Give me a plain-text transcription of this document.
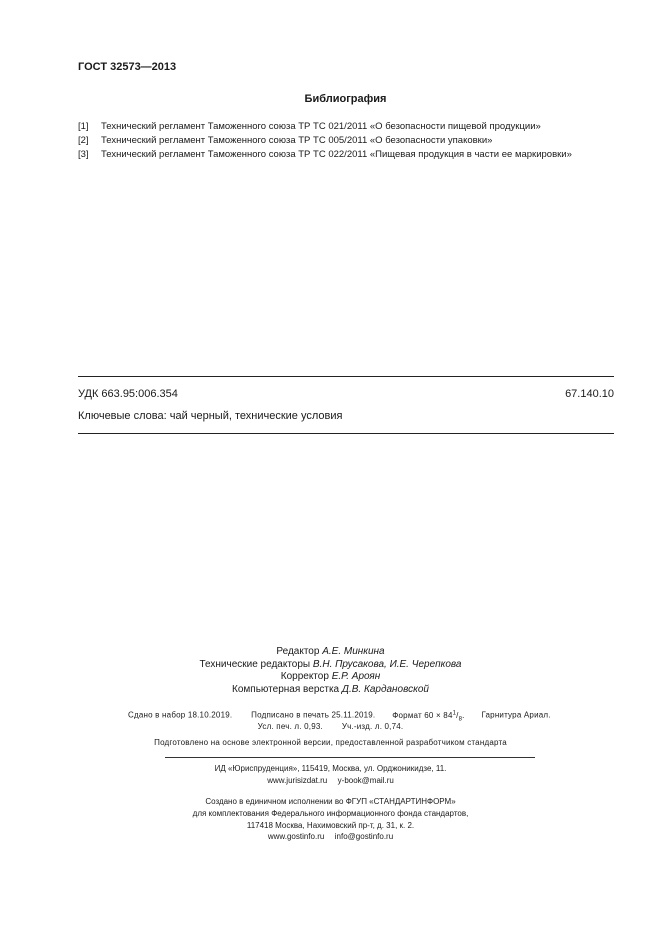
ГОСТ 32573—2013
Библиография
[1] Технический регламент Таможенного союза ТР ТС 021/2011 «О безопасности пищевой продукции»
[2] Технический регламент Таможенного союза ТР ТС 005/2011 «О безопасности упаковки»
[3] Технический регламент Таможенного союза ТР ТС 022/2011 «Пищевая продукция в части ее маркировки»
УДК 663.95:006.354	67.140.10
Ключевые слова: чай черный, технические условия
Редактор А.Е. Минкина
Технические редакторы В.Н. Прусакова, И.Е. Черепкова
Корректор Е.Р. Ароян
Компьютерная верстка Д.В. Кардановской
Сдано в набор 18.10.2019. Подписано в печать 25.11.2019. Формат $60 \times 84^1/_8$. Гарнитура Ариал.
Усл. печ. л. 0,93. Уч.-изд. л. 0,74.
Подготовлено на основе электронной версии, предоставленной разработчиком стандарта
ИД «Юриспруденция», 115419, Москва, ул. Орджоникидзе, 11.
www.jurisizdat.ru y-book@mail.ru
Создано в единичном исполнении во ФГУП «СТАНДАРТИНФОРМ»
для комплектования Федерального информационного фонда стандартов,
117418 Москва, Нахимовский пр-т, д. 31, к. 2.
www.gostinfo.ru info@gostinfo.ru
